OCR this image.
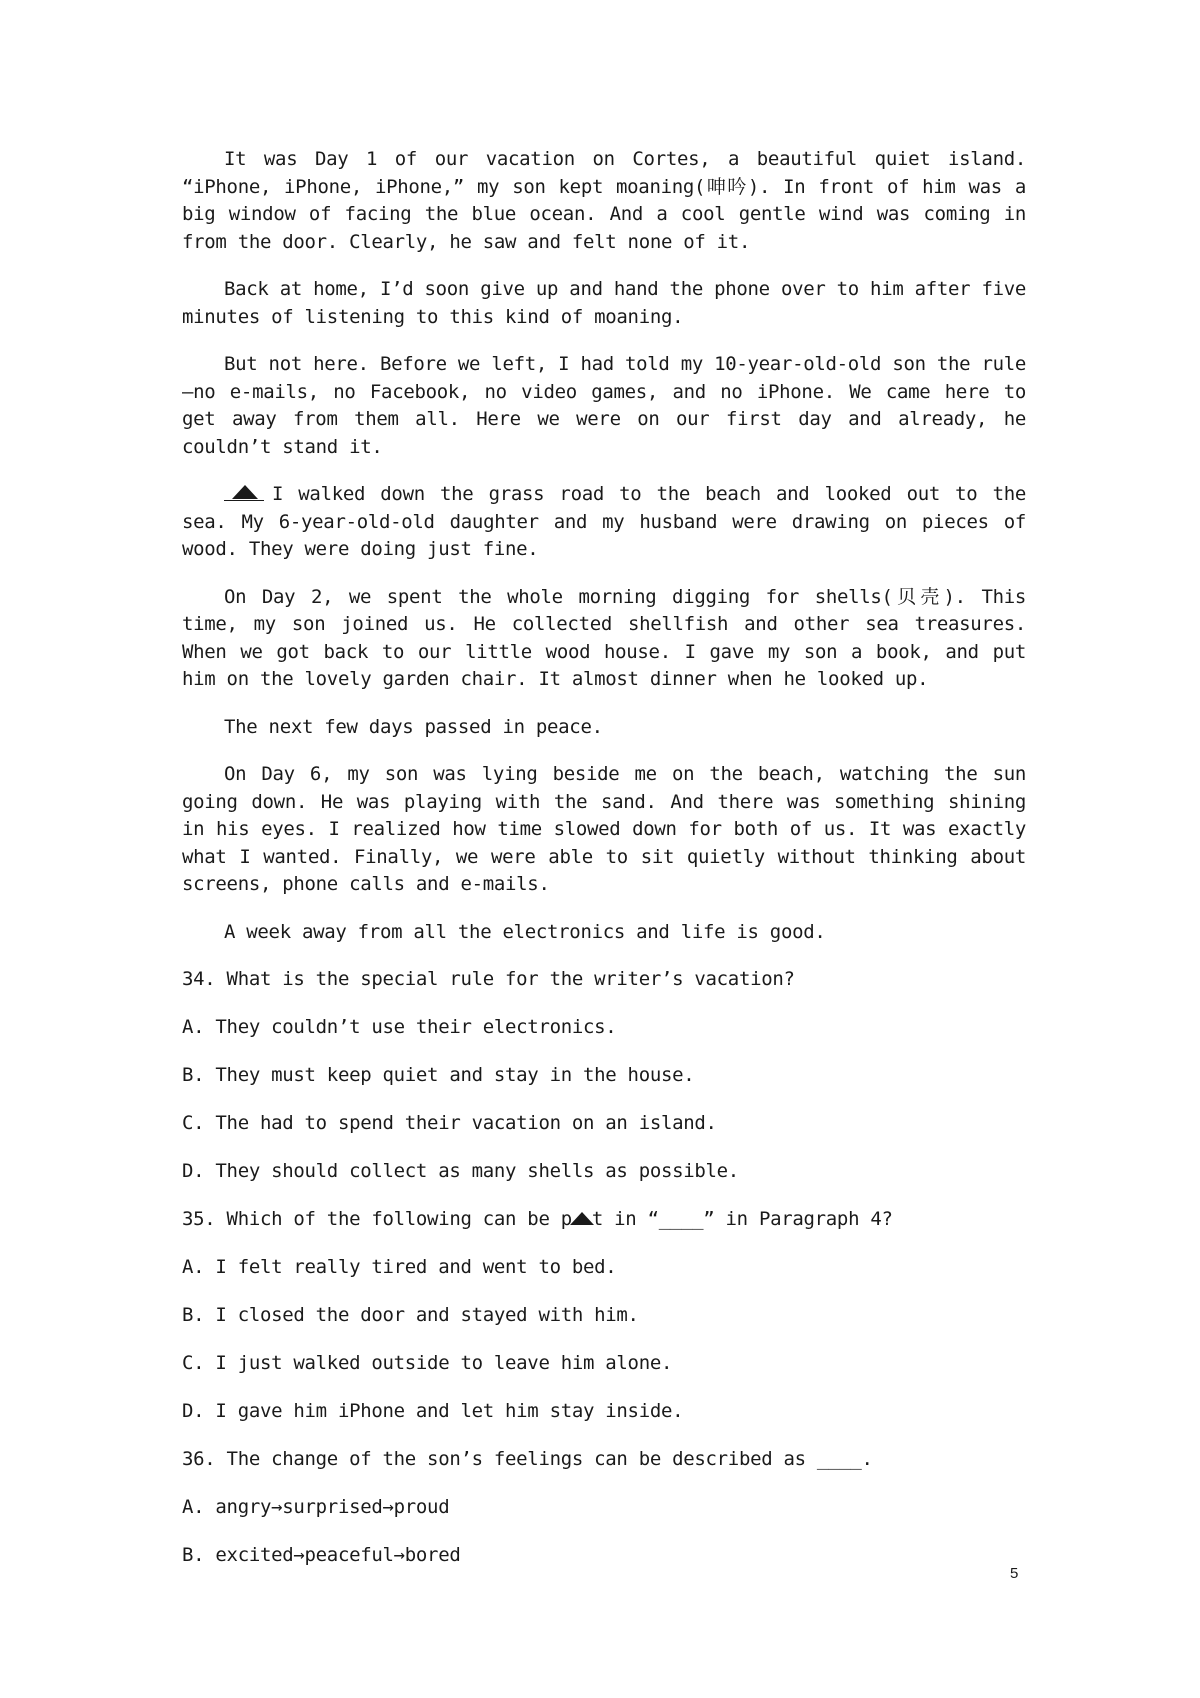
It was Day 1 of our vacation on Cortes, a beautiful quiet island. “iPhone, iPhone, iPhone,” my son kept moaning(呻吟). In front of him was a big window of facing the blue ocean. And a cool gentle wind was coming in from the door. Clearly, he saw and felt none of it.

Back at home, I’d soon give up and hand the phone over to him after five minutes of listening to this kind of moaning.

But not here. Before we left, I had told my 10-year-old-old son the rule—no e-mails, no Facebook, no video games, and no iPhone. We came here to get away from them all. Here we were on our first day and already, he couldn’t stand it.

I walked down the grass road to the beach and looked out to the sea. My 6-year-old-old daughter and my husband were drawing on pieces of wood. They were doing just fine.

On Day 2, we spent the whole morning digging for shells(贝壳). This time, my son joined us. He collected shellfish and other sea treasures. When we got back to our little wood house. I gave my son a book, and put him on the lovely garden chair. It almost dinner when he looked up.

The next few days passed in peace.

On Day 6, my son was lying beside me on the beach, watching the sun going down. He was playing with the sand. And there was something shining in his eyes. I realized how time slowed down for both of us. It was exactly what I wanted. Finally, we were able to sit quietly without thinking about screens, phone calls and e-mails.

A week away from all the electronics and life is good.

34. What is the special rule for the writer’s vacation?
A. They couldn’t use their electronics.
B. They must keep quiet and stay in the house.
C. The had to spend their vacation on an island.
D. They should collect as many shells as possible.
35. Which of the following can be p t in “____” in Paragraph 4?
A. I felt really tired and went to bed.
B. I closed the door and stayed with him.
C. I just walked outside to leave him alone.
D. I gave him iPhone and let him stay inside.
36. The change of the son’s feelings can be described as ____.
A. angry→surprised→proud
B. excited→peaceful→bored
5
